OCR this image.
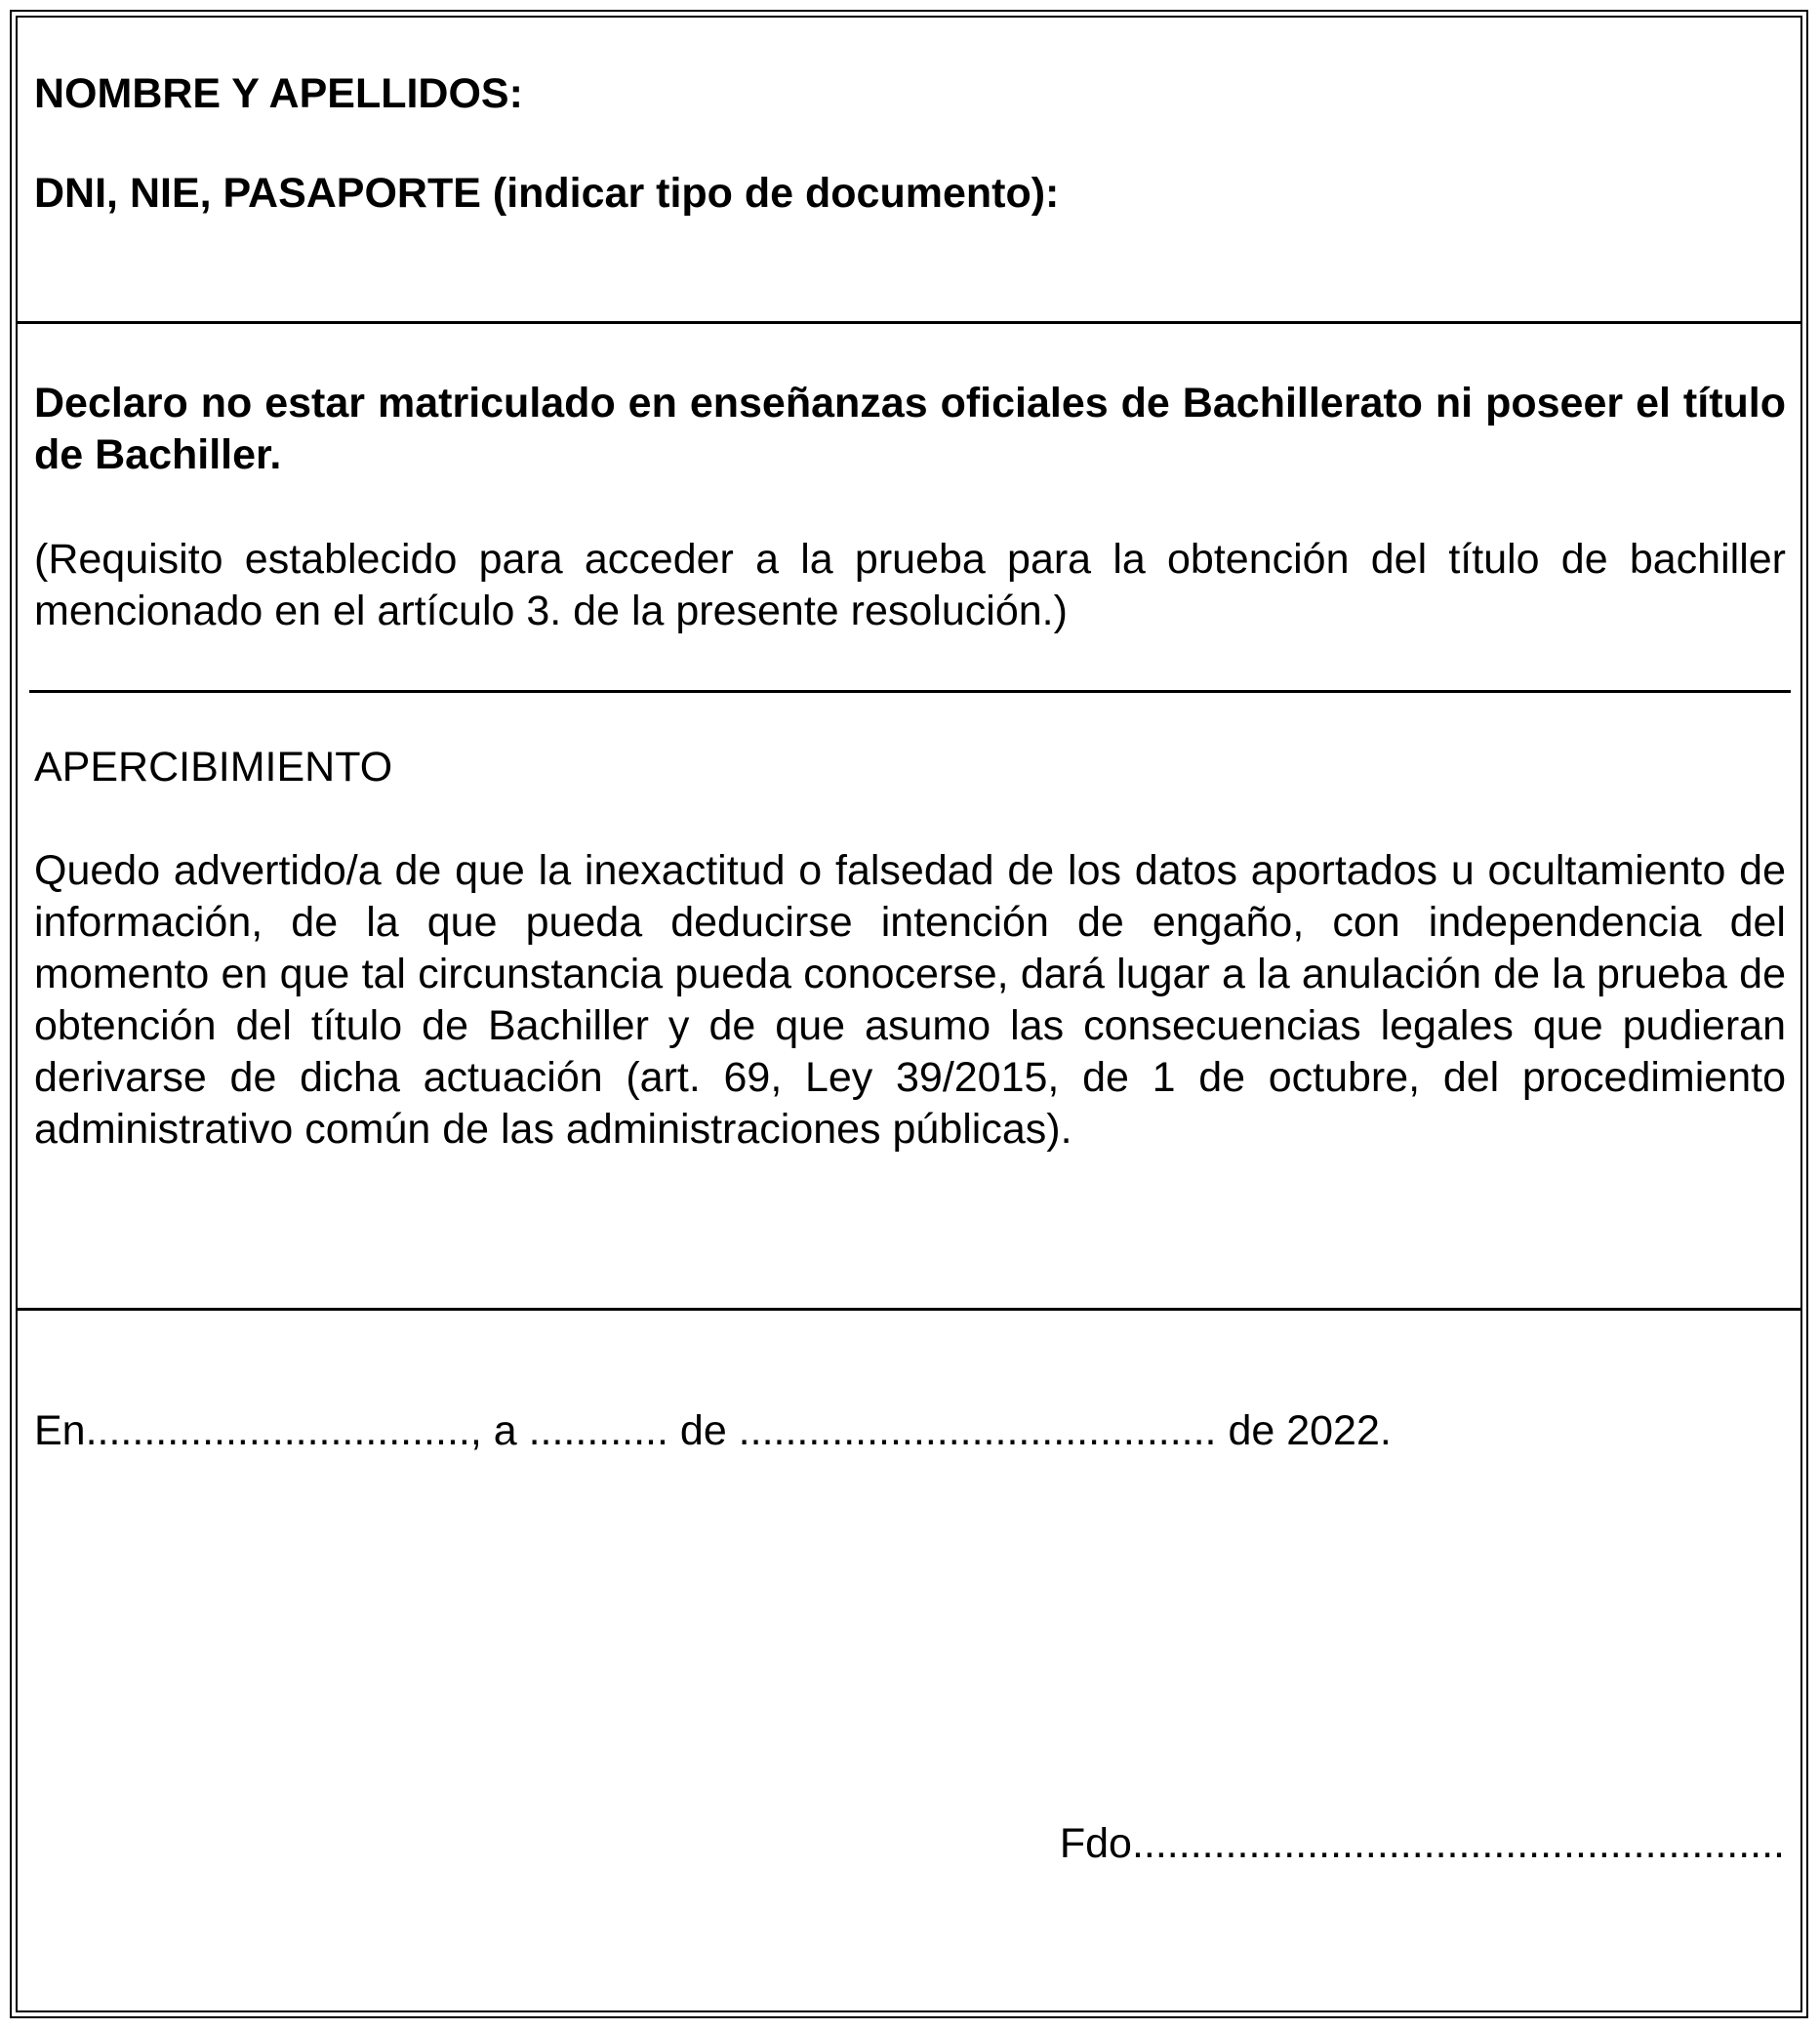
NOMBRE Y APELLIDOS:

DNI, NIE, PASAPORTE (indicar tipo de documento):

Declaro no estar matriculado en enseñanzas oficiales de Bachillerato ni poseer el título de Bachiller.

(Requisito establecido para acceder a la prueba para la obtención del título de bachiller mencionado en el artículo 3. de la presente resolución.)

APERCIBIMIENTO

Quedo advertido/a de que la inexactitud o falsedad de los datos aportados u ocultamiento de información, de la que pueda deducirse intención de engaño, con independencia del momento en que tal circunstancia pueda conocerse, dará lugar a la anulación de la prueba de obtención del título de Bachiller y de que asumo las consecuencias legales que pudieran derivarse de dicha actuación (art. 69, Ley 39/2015, de 1 de octubre, del procedimiento administrativo común de las administraciones públicas).

En................................., a ............ de ......................................... de 2022.

Fdo........................................................
